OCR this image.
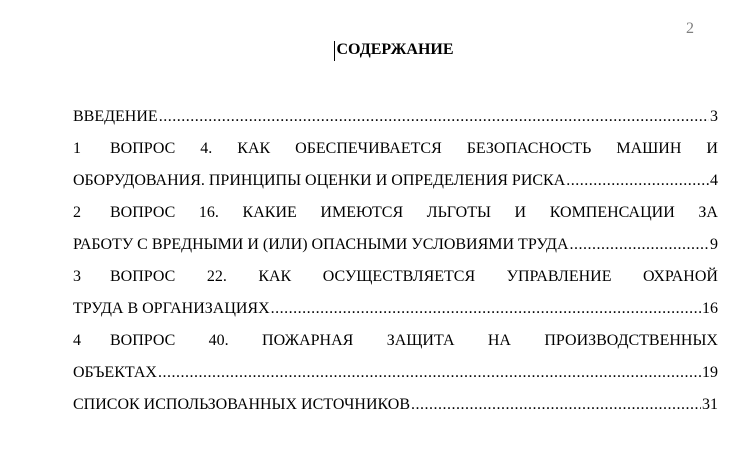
2
СОДЕРЖАНИЕ
ВВЕДЕНИЕ .....	3
1	ВОПРОС 4. КАК ОБЕСПЕЧИВАЕТСЯ БЕЗОПАСНОСТЬ МАШИН И
ОБОРУДОВАНИЯ. ПРИНЦИПЫ ОЦЕНКИ И ОПРЕДЕЛЕНИЯ РИСКА .....	4
2	ВОПРОС 16. КАКИЕ ИМЕЮТСЯ ЛЬГОТЫ И КОМПЕНСАЦИИ ЗА
РАБОТУ С ВРЕДНЫМИ И (ИЛИ) ОПАСНЫМИ УСЛОВИЯМИ ТРУДА .....	9
3	ВОПРОС 22. КАК ОСУЩЕСТВЛЯЕТСЯ УПРАВЛЕНИЕ ОХРАНОЙ
ТРУДА В ОРГАНИЗАЦИЯХ .....	16
4	ВОПРОС 40. ПОЖАРНАЯ ЗАЩИТА НА ПРОИЗВОДСТВЕННЫХ
ОБЪЕКТАХ .....	19
СПИСОК ИСПОЛЬЗОВАННЫХ ИСТОЧНИКОВ .....	31
